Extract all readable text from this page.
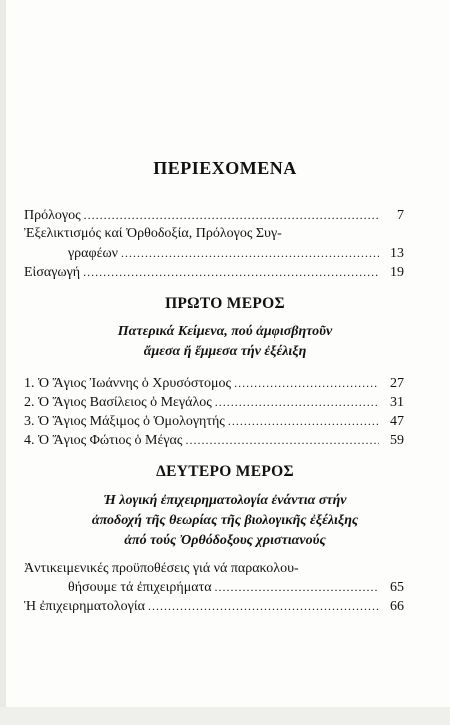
ΠΕΡΙΕΧΟΜΕΝΑ
Πρόλογος .....	7
Ἐξελικτισμός καί Ὀρθοδοξία, Πρόλογος Συγ-
γραφέων .....	13
Εἰσαγωγή .....	19
ΠΡΩΤΟ ΜΕΡΟΣ
Πατερικά Κείμενα, πού ἀμφισβητοῦν
ἄμεσα ἤ ἔμμεσα τήν ἐξέλιξη
1. Ὁ Ἅγιος Ἰωάννης ὁ Χρυσόστομος .....	27
2. Ὁ Ἅγιος Βασίλειος ὁ Μεγάλος .....	31
3. Ὁ Ἅγιος Μάξιμος ὁ Ὁμολογητής .....	47
4. Ὁ Ἅγιος Φώτιος ὁ Μέγας .....	59
ΔΕΥΤΕΡΟ ΜΕΡΟΣ
Ἡ λογική ἐπιχειρηματολογία ἐνάντια στήν
ἀποδοχή τῆς θεωρίας τῆς βιολογικῆς ἐξέλιξης
ἀπό τούς Ὀρθόδοξους χριστιανούς
Ἀντικειμενικές προϋποθέσεις γιά νά παρακολου-
θήσουμε τά ἐπιχειρήματα .....	65
Ἡ ἐπιχειρηματολογία .....	66
